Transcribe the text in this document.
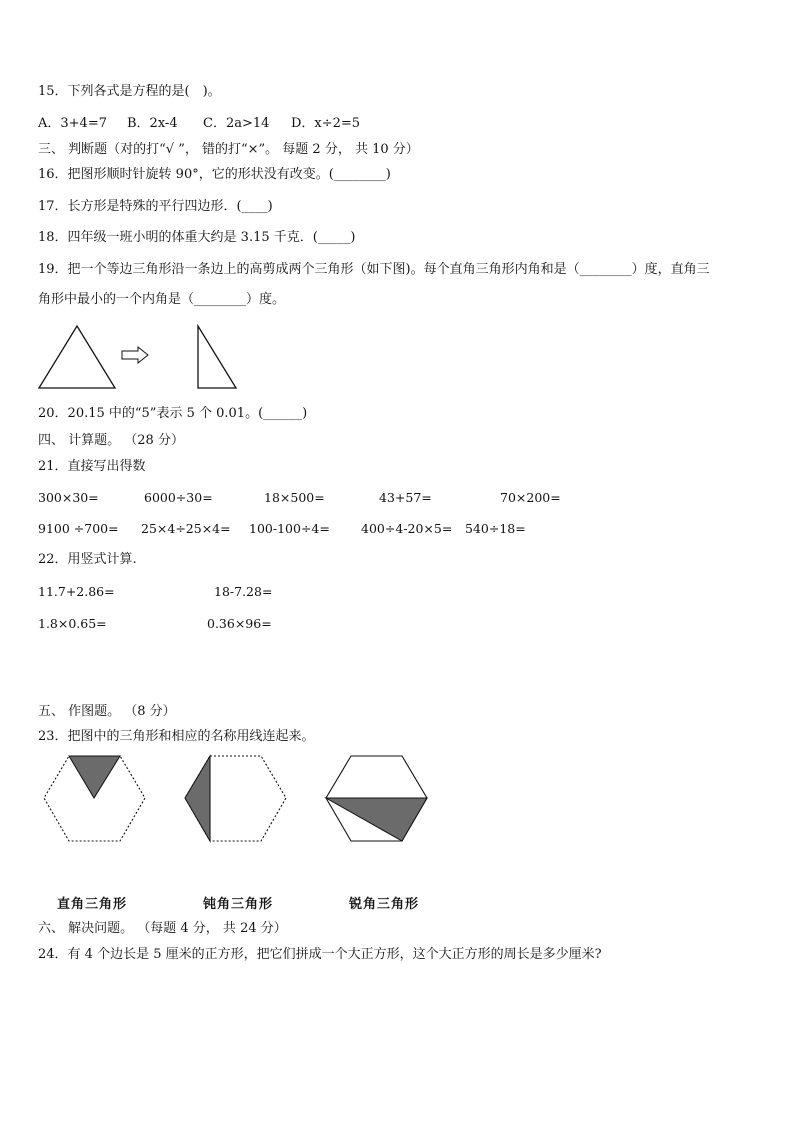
15．下列各式是方程的是(　)。
A．3+4=7 B．2x-4 C．2a>14 D．x÷2=5
三、 判断题（对的打“√ ”， 错的打“×”。 每题 2 分， 共 10 分）
16．把图形顺时针旋转 90°，它的形状没有改变。(________)
17．长方形是特殊的平行四边形．(____)
18．四年级一班小明的体重大约是 3.15 千克．(_____)
19．把一个等边三角形沿一条边上的高剪成两个三角形（如下图)。每个直角三角形内角和是（________）度，直角三
角形中最小的一个内角是（________）度。
20．20.15 中的“5”表示 5 个 0.01。(______)
四、 计算题。 （28 分）
21．直接写出得数
300×30=	6000÷30=	18×500=	43+57=	70×200=
9100 ÷700= 25×4÷25×4= 100-100÷4= 400÷4-20×5= 540÷18=
22．用竖式计算.
11.7+2.86=	18-7.28=
1.8×0.65=	0.36×96=
五、 作图题。 （8 分）
23．把图中的三角形和相应的名称用线连起来。
直角三角形	钝角三角形	锐角三角形
六、 解决问题。 （每题 4 分， 共 24 分）
24．有 4 个边长是 5 厘米的正方形，把它们拼成一个大正方形，这个大正方形的周长是多少厘米?
